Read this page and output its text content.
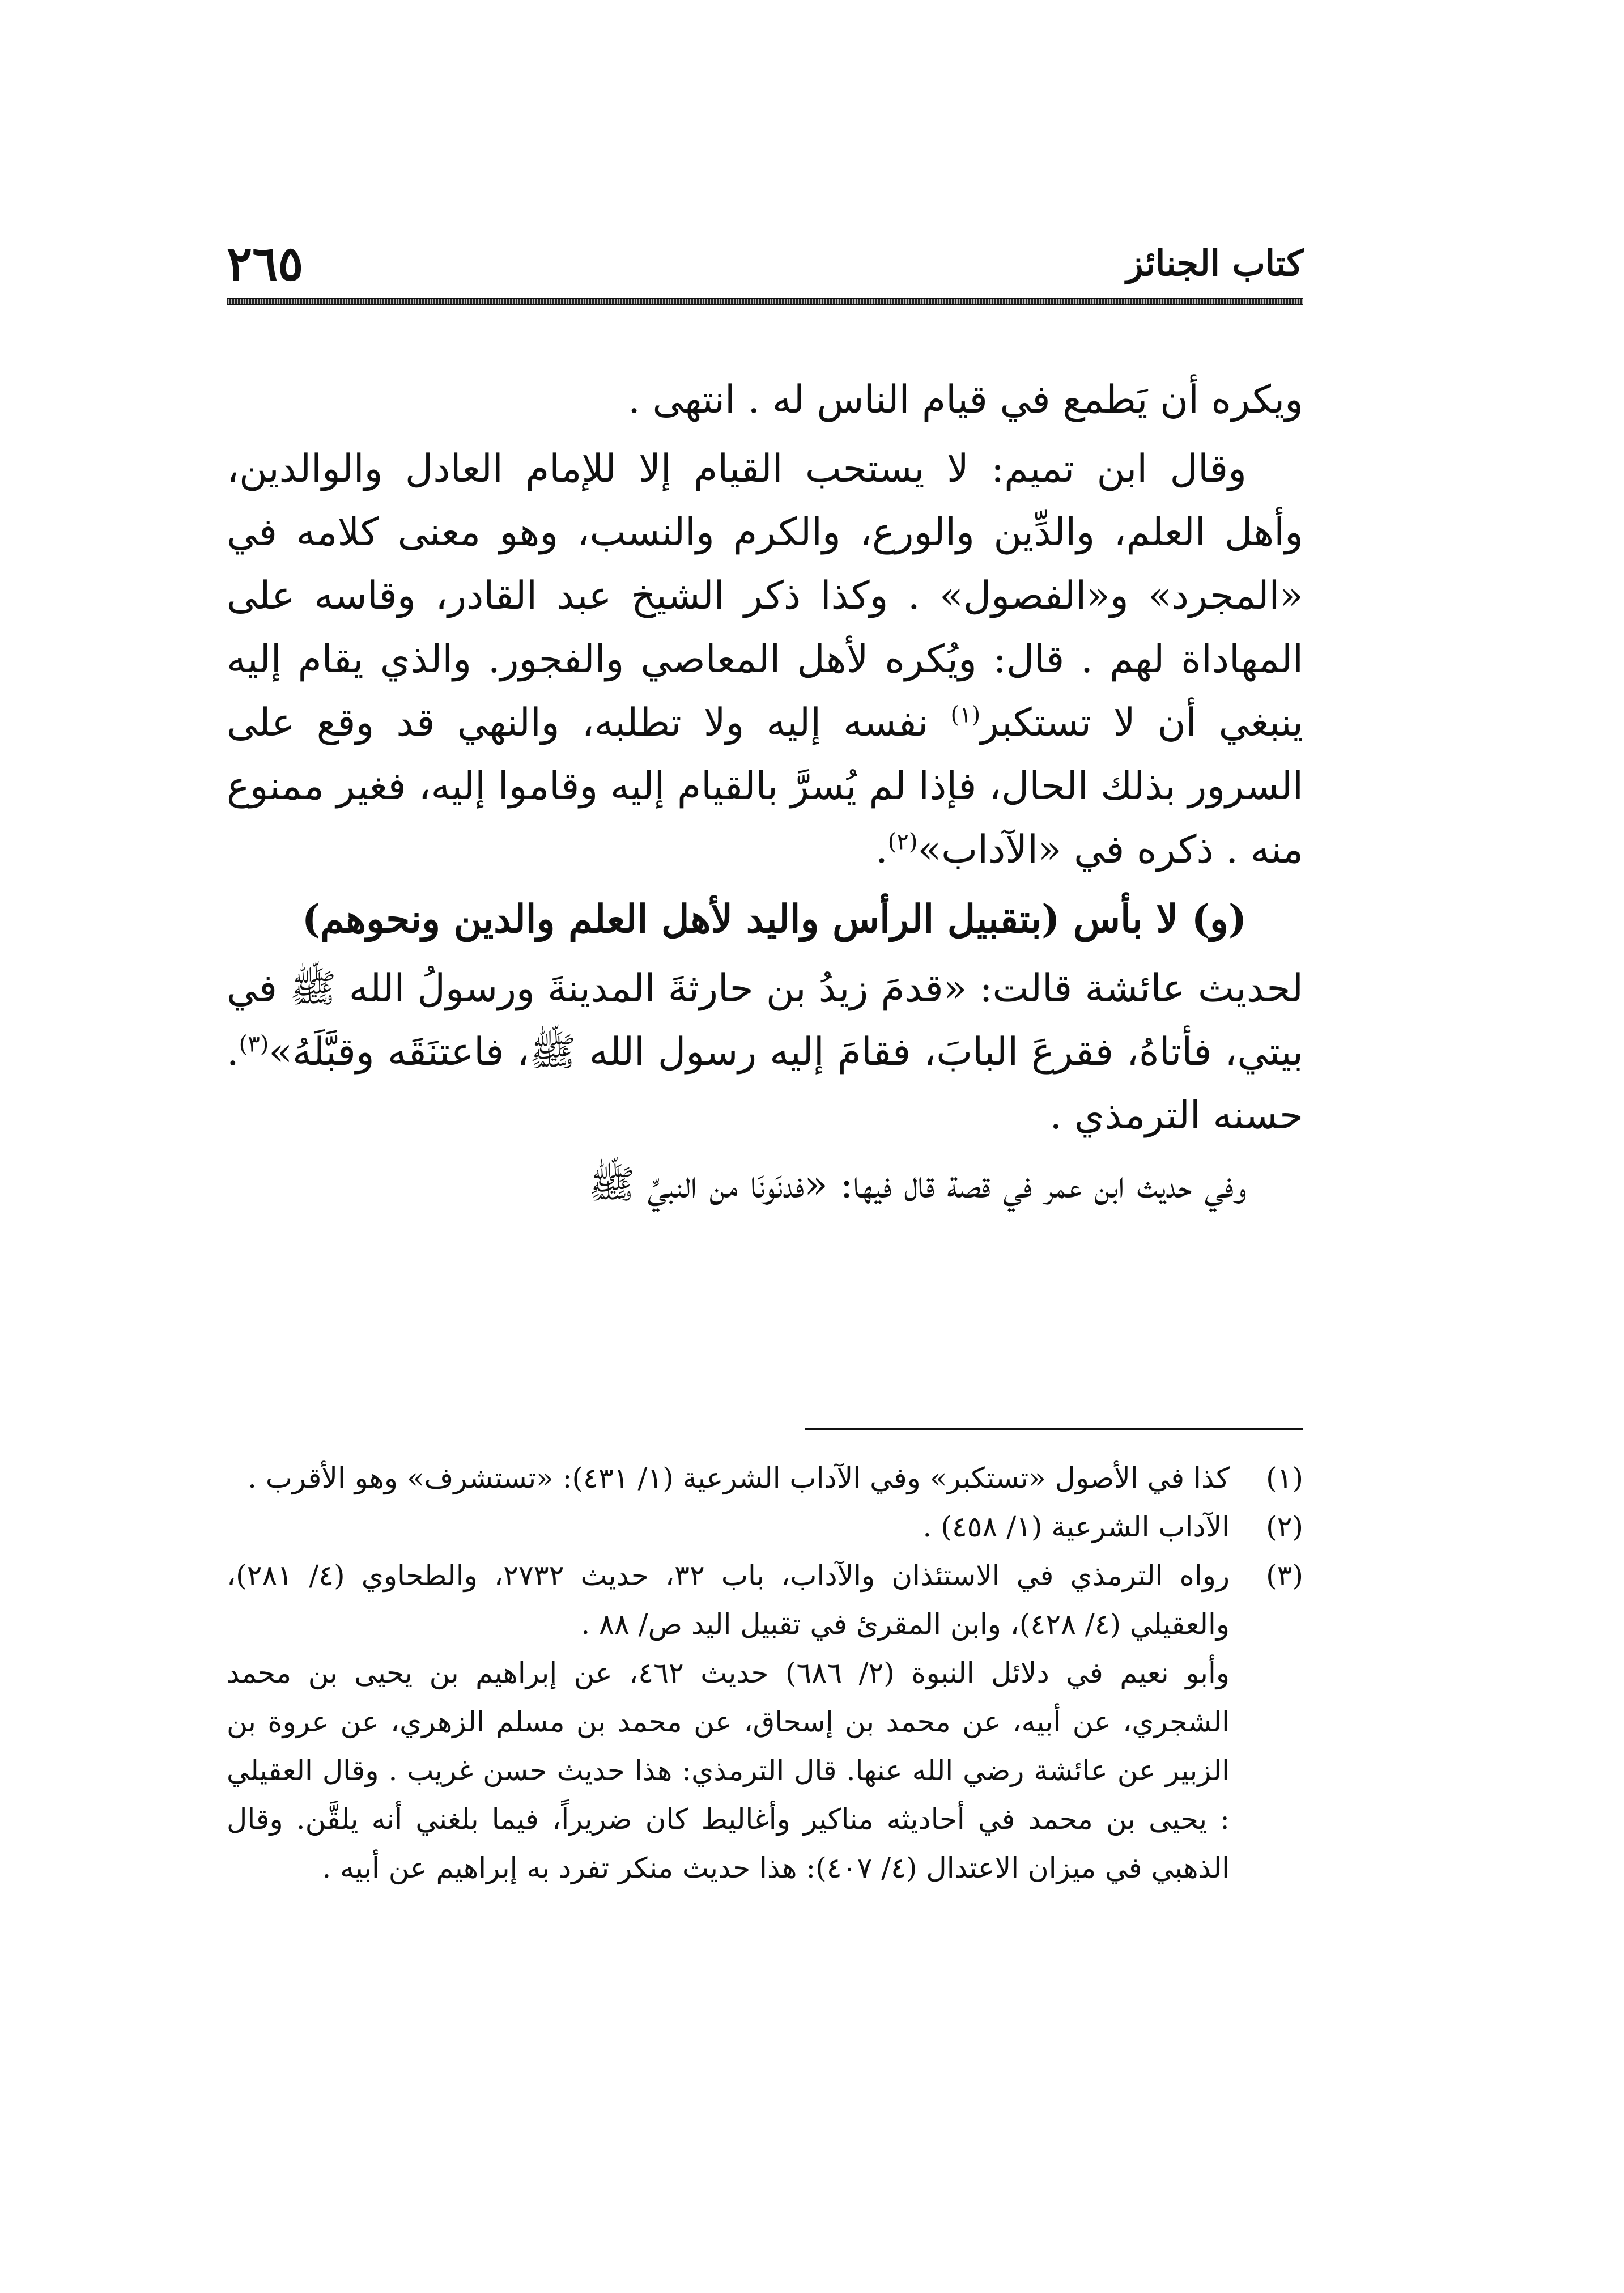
كتاب الجنائز
٢٦٥

ويكره أن يَطمع في قيام الناس له . انتهى .

وقال ابن تميم: لا يستحب القيام إلا للإمام العادل والوالدين، وأهل العلم، والدِّين والورع، والكرم والنسب، وهو معنى كلامه في «المجرد» و«الفصول» . وكذا ذكر الشيخ عبد القادر، وقاسه على المهاداة لهم . قال: ويُكره لأهل المعاصي والفجور. والذي يقام إليه ينبغي أن لا تستكبر$^{(١)}$ نفسه إليه ولا تطلبه، والنهي قد وقع على السرور بذلك الحال، فإذا لم يُسرَّ بالقيام إليه وقاموا إليه، فغير ممنوع منه . ذكره في «الآداب»$^{(٢)}$.

(و) لا بأس (بتقبيل الرأس واليد لأهل العلم والدين ونحوهم)

لحديث عائشة قالت: «قدمَ زيدُ بن حارثةَ المدينةَ ورسولُ الله ﷺ في بيتي، فأتاهُ، فقرعَ البابَ، فقامَ إليه رسول الله ﷺ، فاعتنَقَه وقبَّلَهُ»$^{(٣)}$. حسنه الترمذي .

وفي حديث ابن عمر في قصة قال فيها: «فدنَونَا من النبيِّ ﷺ

(١)
كذا في الأصول «تستكبر» وفي الآداب الشرعية (١/ ٤٣١): «تستشرف» وهو الأقرب .
(٢)
الآداب الشرعية (١/ ٤٥٨) .
(٣)
رواه الترمذي في الاستئذان والآداب، باب ٣٢، حديث ٢٧٣٢، والطحاوي (٤/ ٢٨١)، والعقيلي (٤/ ٤٢٨)، وابن المقرئ في تقبيل اليد ص/ ٨٨ .
وأبو نعيم في دلائل النبوة (٢/ ٦٨٦) حديث ٤٦٢، عن إبراهيم بن يحيى بن محمد الشجري، عن أبيه، عن محمد بن إسحاق، عن محمد بن مسلم الزهري، عن عروة بن الزبير عن عائشة رضي الله عنها. قال الترمذي: هذا حديث حسن غريب . وقال العقيلي : يحيى بن محمد في أحاديثه مناكير وأغاليط كان ضريراً، فيما بلغني أنه يلقَّن. وقال الذهبي في ميزان الاعتدال (٤/ ٤٠٧): هذا حديث منكر تفرد به إبراهيم عن أبيه .
